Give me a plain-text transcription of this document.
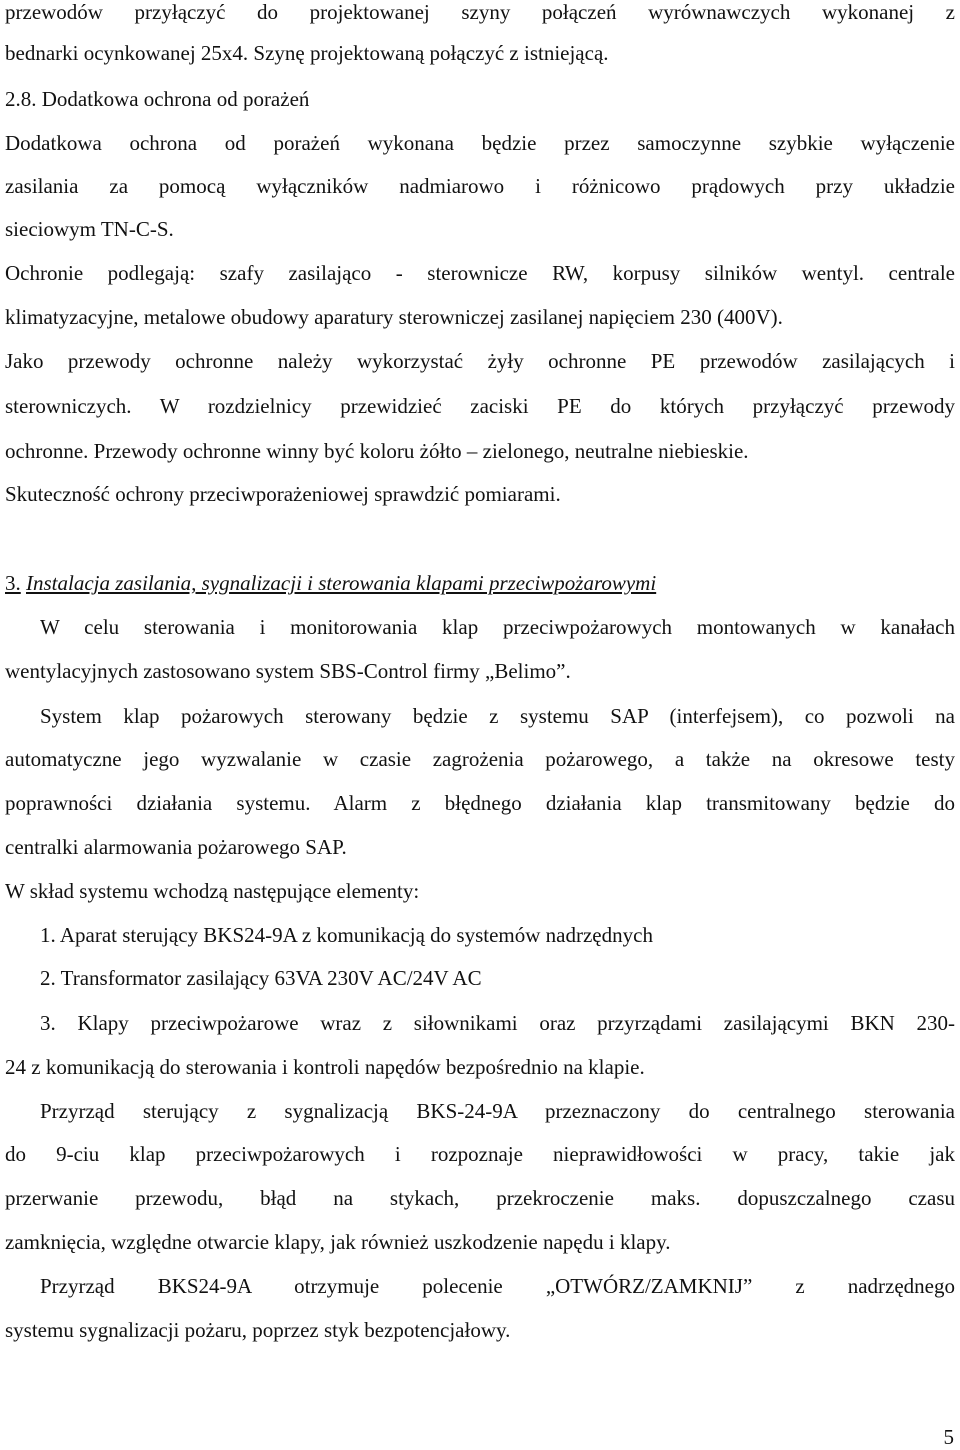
przewodów przyłączyć do projektowanej szyny połączeń wyrównawczych wykonanej z
bednarki ocynkowanej 25x4. Szynę projektowaną połączyć z istniejącą.
2.8. Dodatkowa ochrona od porażeń
Dodatkowa ochrona od porażeń wykonana będzie przez samoczynne szybkie wyłączenie
zasilania za pomocą wyłączników nadmiarowo i różnicowo prądowych przy układzie
sieciowym TN-C-S.
Ochronie podlegają: szafy zasilająco - sterownicze RW, korpusy silników wentyl. centrale
klimatyzacyjne, metalowe obudowy aparatury sterowniczej zasilanej napięciem 230 (400V).
Jako przewody ochronne należy wykorzystać żyły ochronne PE przewodów zasilających i
sterowniczych. W rozdzielnicy przewidzieć zaciski PE do których przyłączyć przewody
ochronne. Przewody ochronne winny być koloru żółto – zielonego, neutralne niebieskie.
Skuteczność ochrony przeciwporażeniowej sprawdzić pomiarami.
3. Instalacja zasilania, sygnalizacji i sterowania klapami przeciwpożarowymi
W celu sterowania i monitorowania klap przeciwpożarowych montowanych w kanałach
wentylacyjnych zastosowano system SBS-Control firmy „Belimo”.
System klap pożarowych sterowany będzie z systemu SAP (interfejsem), co pozwoli na
automatyczne jego wyzwalanie w czasie zagrożenia pożarowego, a także na okresowe testy
poprawności działania systemu. Alarm z błędnego działania klap transmitowany będzie do
centralki alarmowania pożarowego SAP.
W skład systemu wchodzą następujące elementy:
1. Aparat sterujący BKS24-9A z komunikacją do systemów nadrzędnych
2. Transformator zasilający 63VA 230V AC/24V AC
3. Klapy przeciwpożarowe wraz z siłownikami oraz przyrządami zasilającymi BKN 230-
24 z komunikacją do sterowania i kontroli napędów bezpośrednio na klapie.
Przyrząd sterujący z sygnalizacją BKS-24-9A przeznaczony do centralnego sterowania
do 9-ciu klap przeciwpożarowych i rozpoznaje nieprawidłowości w pracy, takie jak
przerwanie przewodu, błąd na stykach, przekroczenie maks. dopuszczalnego czasu
zamknięcia, względne otwarcie klapy, jak również uszkodzenie napędu i klapy.
Przyrząd BKS24-9A otrzymuje polecenie „OTWÓRZ/ZAMKNIJ” z nadrzędnego
systemu sygnalizacji pożaru, poprzez styk bezpotencjałowy.
5
